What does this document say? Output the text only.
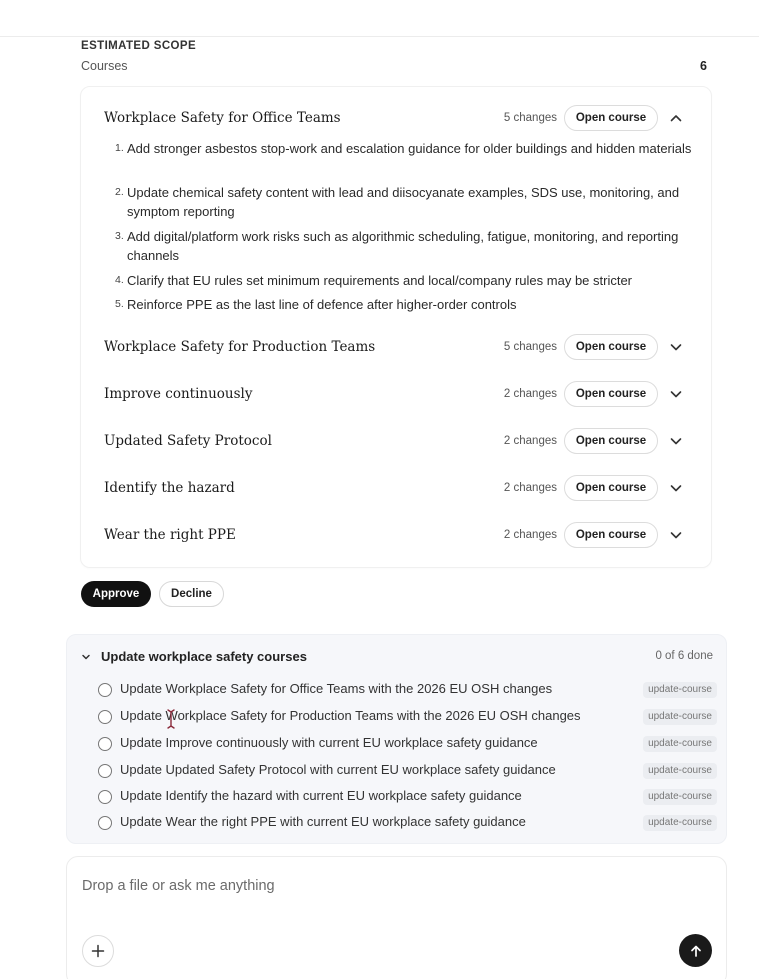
ESTIMATED SCOPE
Courses	6
Workplace Safety for Office Teams	5 changes	Open course
1. Add stronger asbestos stop-work and escalation guidance for older buildings and hidden materials
2. Update chemical safety content with lead and diisocyanate examples, SDS use, monitoring, and symptom reporting
3. Add digital/platform work risks such as algorithmic scheduling, fatigue, monitoring, and reporting channels
4. Clarify that EU rules set minimum requirements and local/company rules may be stricter
5. Reinforce PPE as the last line of defence after higher-order controls
Workplace Safety for Production Teams	5 changes	Open course
Improve continuously	2 changes	Open course
Updated Safety Protocol	2 changes	Open course
Identify the hazard	2 changes	Open course
Wear the right PPE	2 changes	Open course
Approve	Decline
Update workplace safety courses	0 of 6 done
Update Workplace Safety for Office Teams with the 2026 EU OSH changes	update-course
Update Workplace Safety for Production Teams with the 2026 EU OSH changes	update-course
Update Improve continuously with current EU workplace safety guidance	update-course
Update Updated Safety Protocol with current EU workplace safety guidance	update-course
Update Identify the hazard with current EU workplace safety guidance	update-course
Update Wear the right PPE with current EU workplace safety guidance	update-course
Drop a file or ask me anything
